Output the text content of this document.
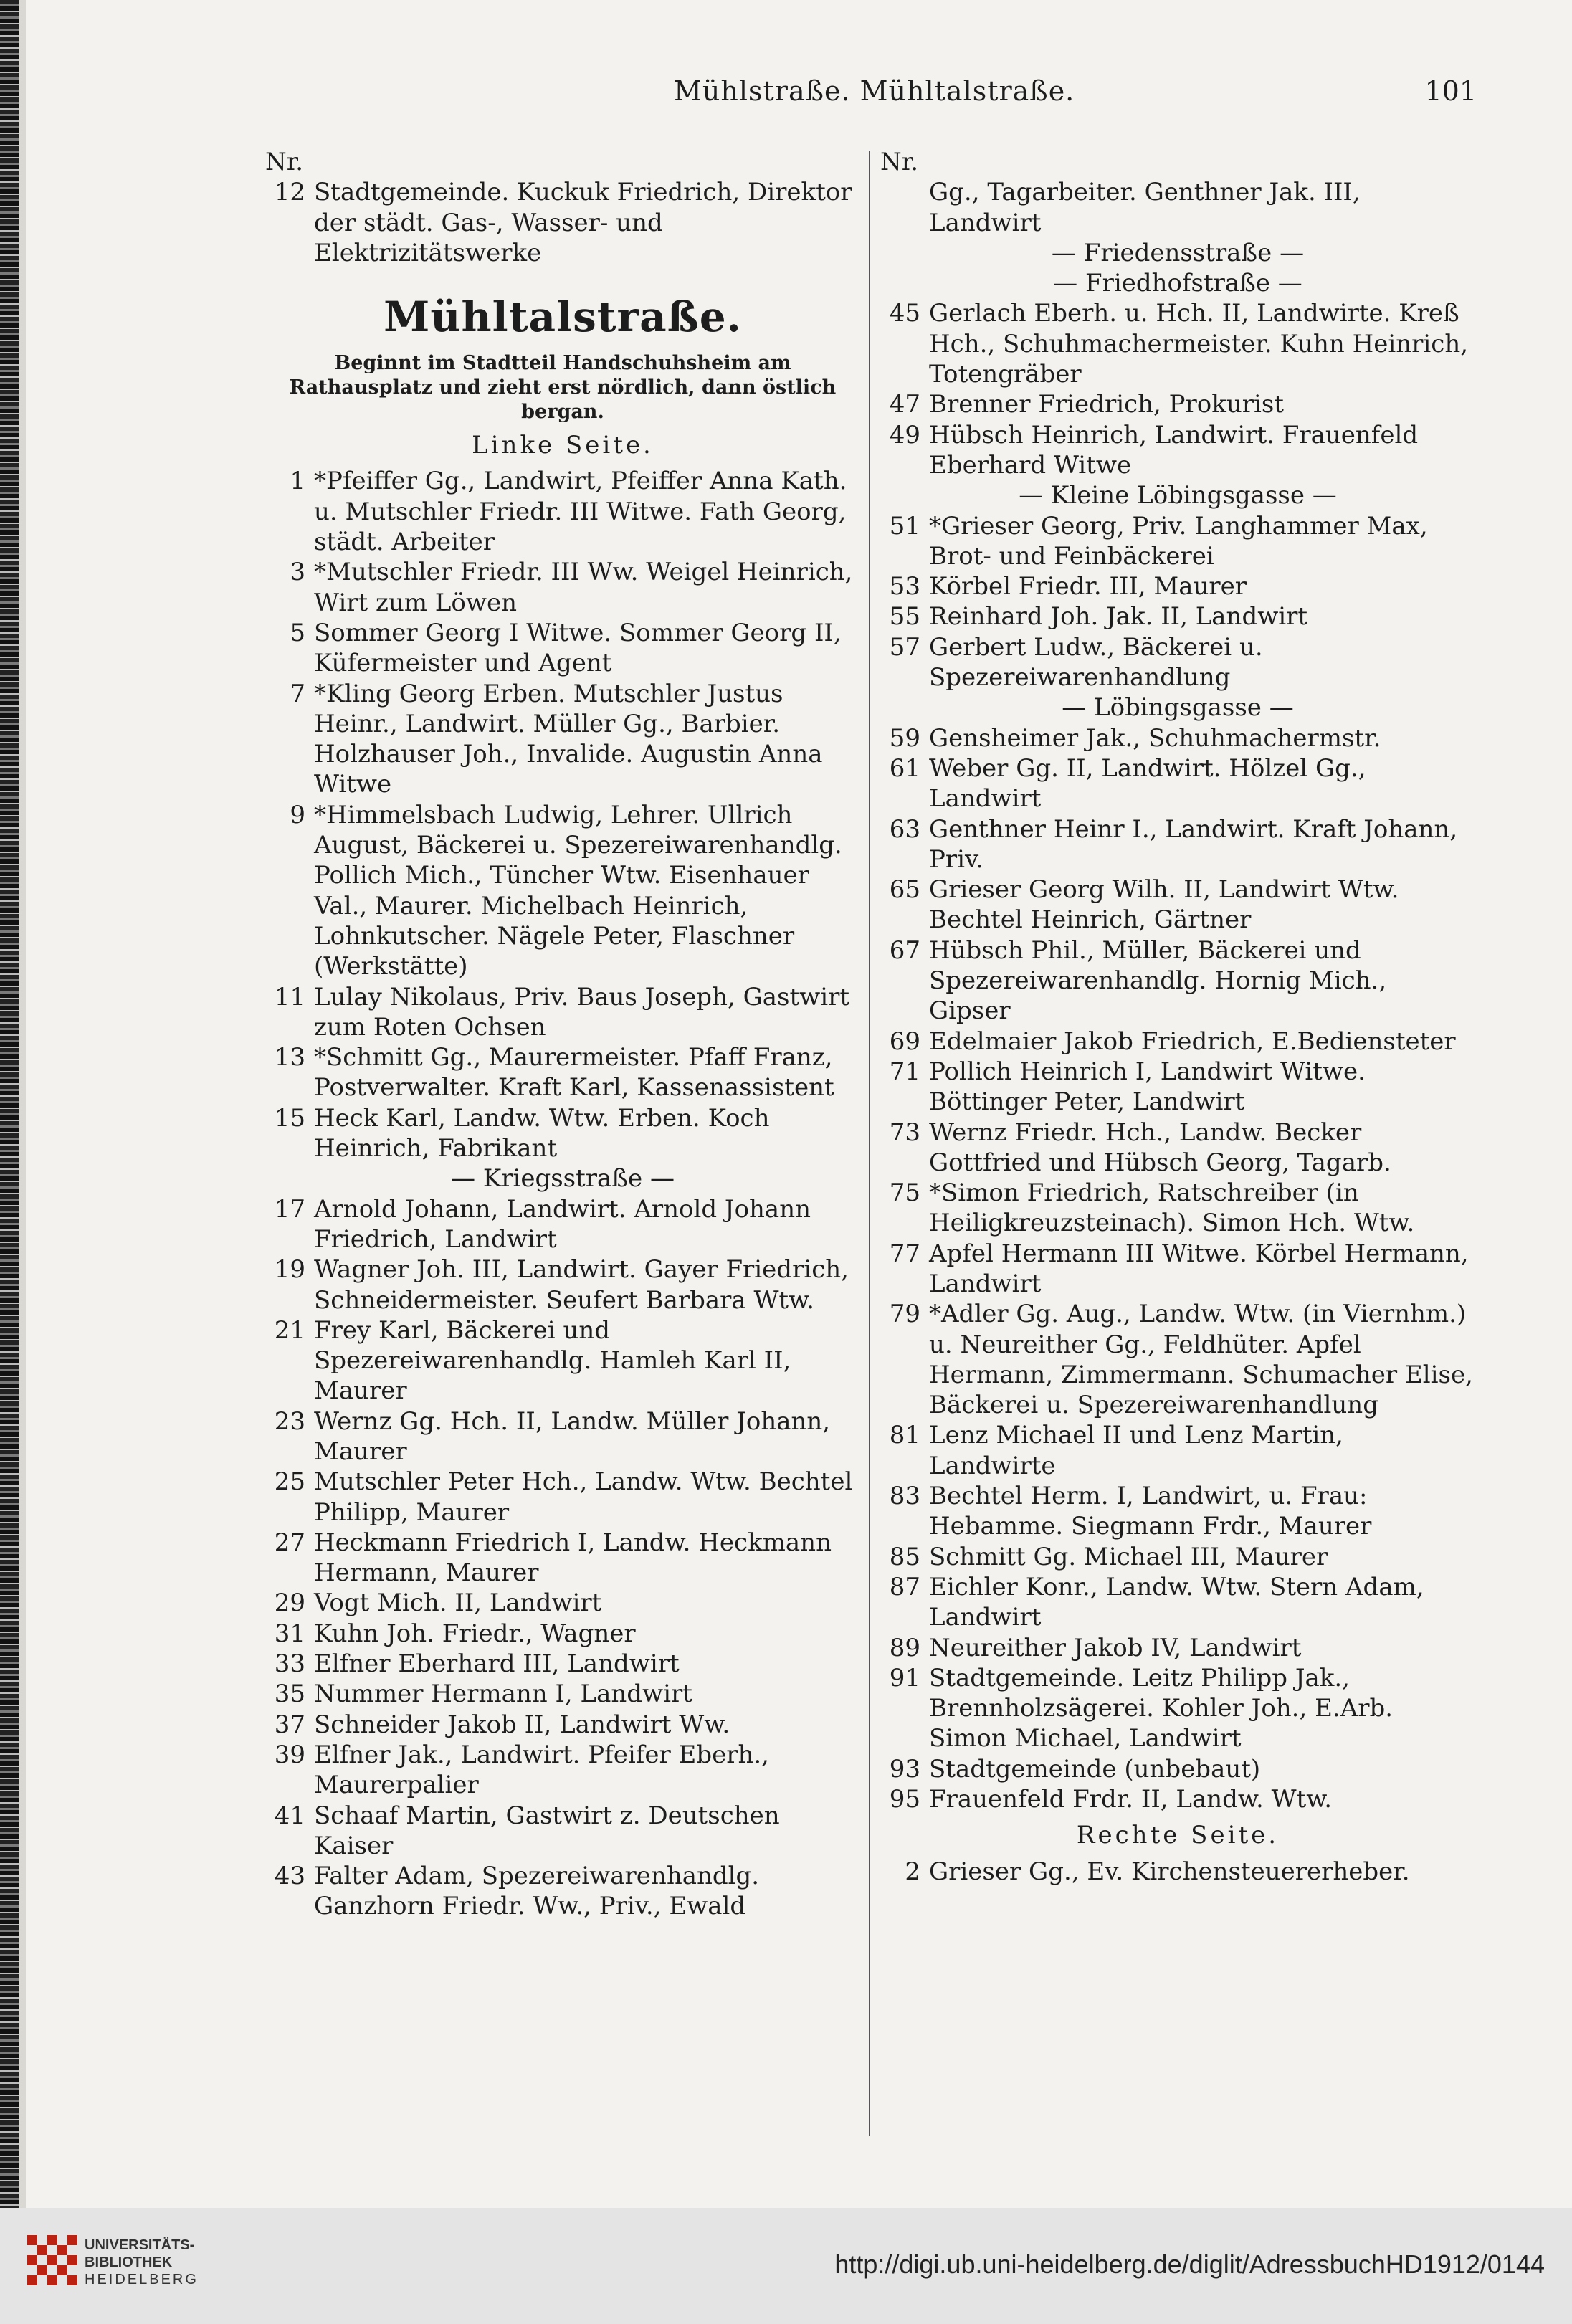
Mühlstraße. Mühltalstraße.	101
Nr.
12 Stadtgemeinde. Kuckuk Friedrich, Direktor der städt. Gas-, Wasser- und Elektrizitätswerke
Mühltalstraße.
Beginnt im Stadtteil Handschuhsheim am Rathausplatz und zieht erst nördlich, dann östlich bergan.
Linke Seite.
1 *Pfeiffer Gg., Landwirt, Pfeiffer Anna Kath. u. Mutschler Friedr. III Witwe. Fath Georg, städt. Arbeiter
3 *Mutschler Friedr. III Ww. Weigel Heinrich, Wirt zum Löwen
5 Sommer Georg I Witwe. Sommer Georg II, Küfermeister und Agent
7 *Kling Georg Erben. Mutschler Justus Heinr., Landwirt. Müller Gg., Barbier. Holzhauser Joh., Invalide. Augustin Anna Witwe
9 *Himmelsbach Ludwig, Lehrer. Ullrich August, Bäckerei u. Spezereiwarenhandlg. Pollich Mich., Tüncher Wtw. Eisenhauer Val., Maurer. Michelbach Heinrich, Lohnkutscher. Nägele Peter, Flaschner (Werkstätte)
11 Lulay Nikolaus, Priv. Baus Joseph, Gastwirt zum Roten Ochsen
13 *Schmitt Gg., Maurermeister. Pfaff Franz, Postverwalter. Kraft Karl, Kassenassistent
15 Heck Karl, Landw. Wtw. Erben. Koch Heinrich, Fabrikant
— Kriegsstraße —
17 Arnold Johann, Landwirt. Arnold Johann Friedrich, Landwirt
19 Wagner Joh. III, Landwirt. Gayer Friedrich, Schneidermeister. Seufert Barbara Wtw.
21 Frey Karl, Bäckerei und Spezereiwarenhandlg. Hamleh Karl II, Maurer
23 Wernz Gg. Hch. II, Landw. Müller Johann, Maurer
25 Mutschler Peter Hch., Landw. Wtw. Bechtel Philipp, Maurer
27 Heckmann Friedrich I, Landw. Heckmann Hermann, Maurer
29 Vogt Mich. II, Landwirt
31 Kuhn Joh. Friedr., Wagner
33 Elfner Eberhard III, Landwirt
35 Nummer Hermann I, Landwirt
37 Schneider Jakob II, Landwirt Ww.
39 Elfner Jak., Landwirt. Pfeifer Eberh., Maurerpalier
41 Schaaf Martin, Gastwirt z. Deutschen Kaiser
43 Falter Adam, Spezereiwarenhandlg. Ganzhorn Friedr. Ww., Priv., Ewald
Nr.
Gg., Tagarbeiter. Genthner Jak. III, Landwirt
— Friedensstraße —
— Friedhofstraße —
45 Gerlach Eberh. u. Hch. II, Landwirte. Kreß Hch., Schuhmachermeister. Kuhn Heinrich, Totengräber
47 Brenner Friedrich, Prokurist
49 Hübsch Heinrich, Landwirt. Frauenfeld Eberhard Witwe
— Kleine Löbingsgasse —
51 *Grieser Georg, Priv. Langhammer Max, Brot- und Feinbäckerei
53 Körbel Friedr. III, Maurer
55 Reinhard Joh. Jak. II, Landwirt
57 Gerbert Ludw., Bäckerei u. Spezereiwarenhandlung
— Löbingsgasse —
59 Gensheimer Jak., Schuhmachermstr.
61 Weber Gg. II, Landwirt. Hölzel Gg., Landwirt
63 Genthner Heinr I., Landwirt. Kraft Johann, Priv.
65 Grieser Georg Wilh. II, Landwirt Wtw. Bechtel Heinrich, Gärtner
67 Hübsch Phil., Müller, Bäckerei und Spezereiwarenhandlg. Hornig Mich., Gipser
69 Edelmaier Jakob Friedrich, E.Bediensteter
71 Pollich Heinrich I, Landwirt Witwe. Böttinger Peter, Landwirt
73 Wernz Friedr. Hch., Landw. Becker Gottfried und Hübsch Georg, Tagarb.
75 *Simon Friedrich, Ratschreiber (in Heiligkreuzsteinach). Simon Hch. Wtw.
77 Apfel Hermann III Witwe. Körbel Hermann, Landwirt
79 *Adler Gg. Aug., Landw. Wtw. (in Viernhm.) u. Neureither Gg., Feldhüter. Apfel Hermann, Zimmermann. Schumacher Elise, Bäckerei u. Spezereiwarenhandlung
81 Lenz Michael II und Lenz Martin, Landwirte
83 Bechtel Herm. I, Landwirt, u. Frau: Hebamme. Siegmann Frdr., Maurer
85 Schmitt Gg. Michael III, Maurer
87 Eichler Konr., Landw. Wtw. Stern Adam, Landwirt
89 Neureither Jakob IV, Landwirt
91 Stadtgemeinde. Leitz Philipp Jak., Brennholzsägerei. Kohler Joh., E.Arb. Simon Michael, Landwirt
93 Stadtgemeinde (unbebaut)
95 Frauenfeld Frdr. II, Landw. Wtw.
Rechte Seite.
2 Grieser Gg., Ev. Kirchensteuererheber.
UNIVERSITÄTS-
BIBLIOTHEK
HEIDELBERG
http://digi.ub.uni-heidelberg.de/diglit/AdressbuchHD1912/0144
